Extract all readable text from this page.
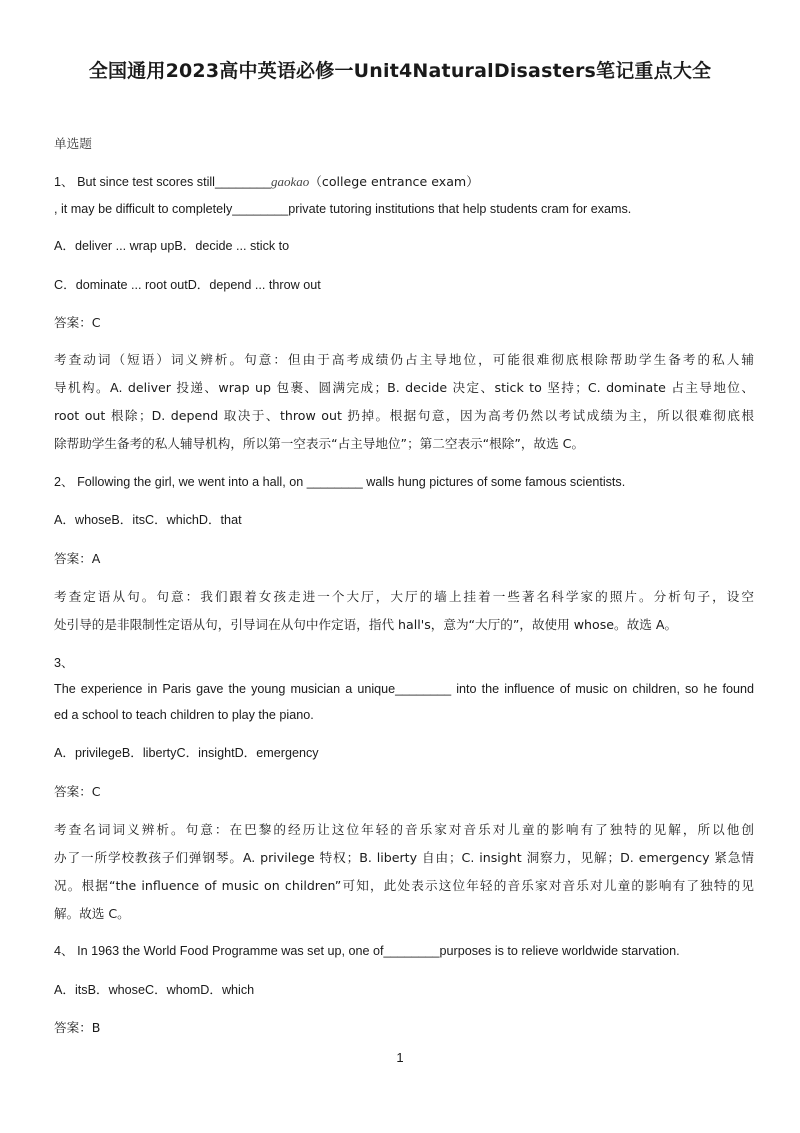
全国通用2023高中英语必修一Unit4NaturalDisasters笔记重点大全
单选题
1、 But since test scores still________gaokao（college entrance exam）
, it may be difficult to completely________private tutoring institutions that help students cram for exams.
A．deliver ... wrap upB．decide ... stick to
C．dominate ... root outD．depend ... throw out
答案：C
考查动词（短语）词义辨析。句意：但由于高考成绩仍占主导地位，可能很难彻底根除帮助学生备考的私人辅
导机构。A. deliver 投递、wrap up 包裹、圆满完成；B. decide 决定、stick to 坚持；C. dominate 占主导地位、
root out 根除；D. depend 取决于、throw out 扔掉。根据句意，因为高考仍然以考试成绩为主，所以很难彻底根
除帮助学生备考的私人辅导机构，所以第一空表示“占主导地位”；第二空表示“根除”，故选 C。
2、 Following the girl, we went into a hall, on ________ walls hung pictures of some famous scientists.
A．whoseB．itsC．whichD．that
答案：A
考查定语从句。句意：我们跟着女孩走进一个大厅，大厅的墙上挂着一些著名科学家的照片。分析句子，设空
处引导的是非限制性定语从句，引导词在从句中作定语，指代 hall's，意为“大厅的”，故使用 whose。故选 A。
3、
The experience in Paris gave the young musician a unique________ into the influence of music on children, so he found
ed a school to teach children to play the piano.
A．privilegeB．libertyC．insightD．emergency
答案：C
考查名词词义辨析。句意：在巴黎的经历让这位年轻的音乐家对音乐对儿童的影响有了独特的见解，所以他创
办了一所学校教孩子们弹钢琴。A. privilege 特权；B. liberty 自由；C. insight 洞察力，见解；D. emergency 紧急情
况。根据“the influence of music on children”可知，此处表示这位年轻的音乐家对音乐对儿童的影响有了独特的见
解。故选 C。
4、 In 1963 the World Food Programme was set up, one of________purposes is to relieve worldwide starvation.
A．itsB．whoseC．whomD．which
答案：B
1
